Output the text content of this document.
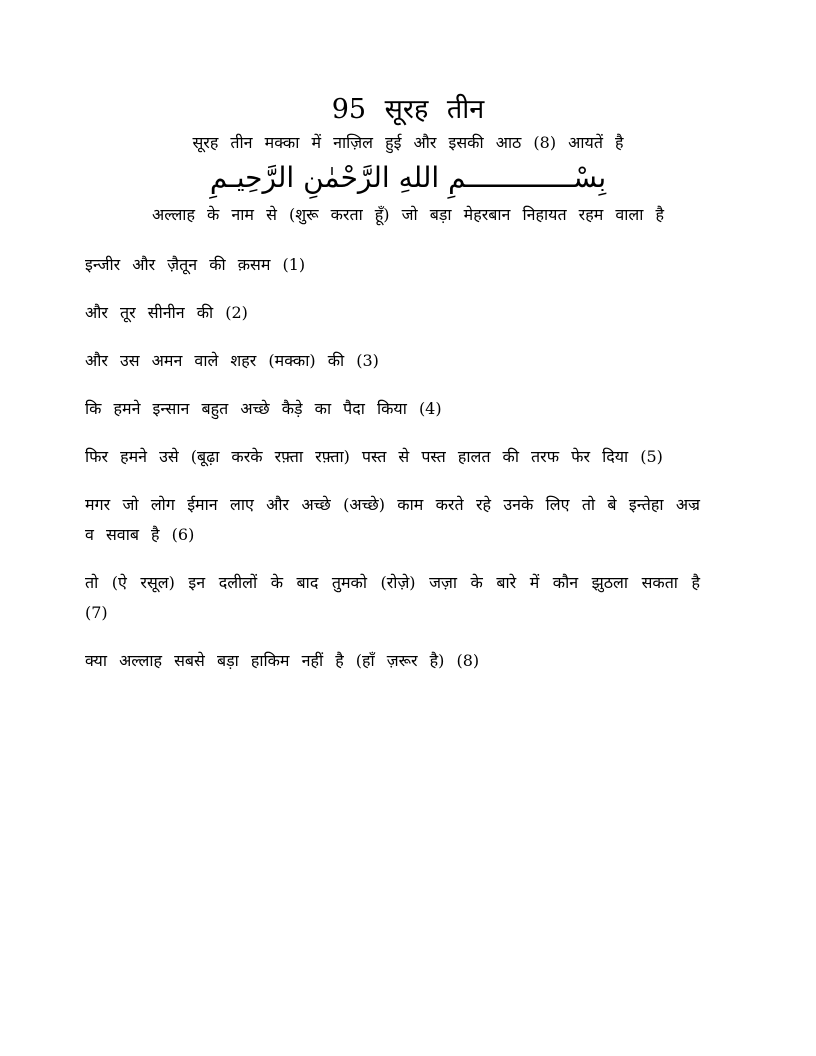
95 सूरह तीन

सूरह तीन मक्का में नाज़िल हुई और इसकी आठ (8) आयतें है

بِسْـــــــــــــمِ اللهِ الرَّحْمٰنِ الرَّحِيـمِ

अल्लाह के नाम से (शुरू करता हूँ) जो बड़ा मेहरबान निहायत रहम वाला है

इन्जीर और ज़ैतून की क़सम (1)

और तूर सीनीन की (2)

और उस अमन वाले शहर (मक्का) की (3)

कि हमने इन्सान बहुत अच्छे कैड़े का पैदा किया (4)

फिर हमने उसे (बूढ़ा करके रफ़्ता रफ़्ता) पस्त से पस्त हालत की तरफ फेर दिया (5)

मगर जो लोग ईमान लाए और अच्छे (अच्छे) काम करते रहे उनके लिए तो बे इन्तेहा अज्र व सवाब है (6)

तो (ऐ रसूल) इन दलीलों के बाद तुमको (रोज़े) जज़ा के बारे में कौन झुठला सकता है (7)

क्या अल्लाह सबसे बड़ा हाकिम नहीं है (हाँ ज़रूर है) (8)
